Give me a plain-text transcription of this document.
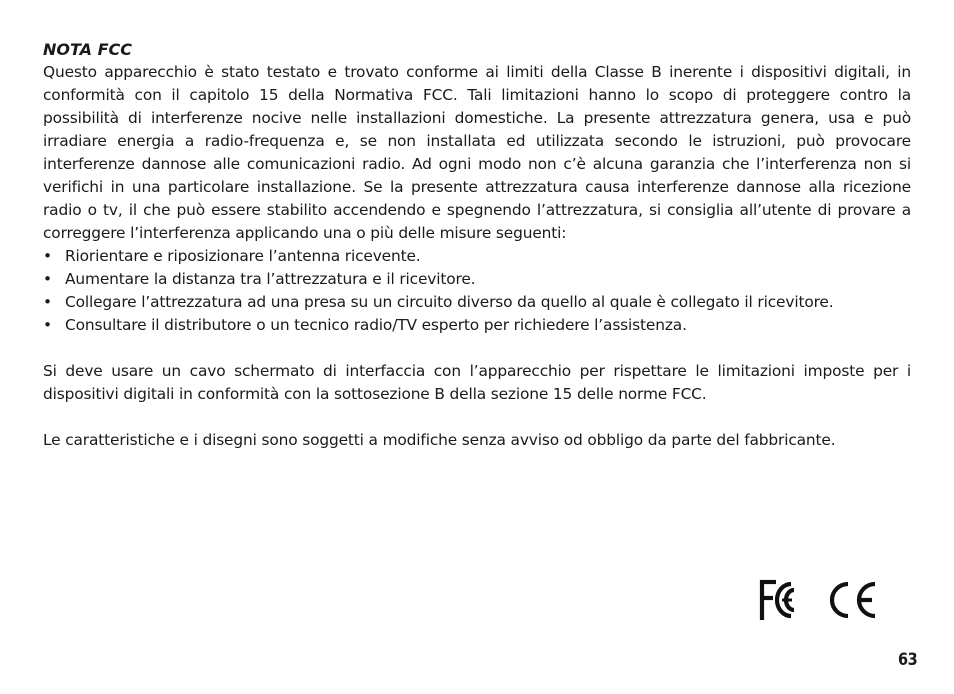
NOTA FCC

Questo apparecchio è stato testato e trovato conforme ai limiti della Classe B inerente i dispositivi digitali, in conformità con il capitolo 15 della Normativa FCC. Tali limitazioni hanno lo scopo di proteggere contro la possibilità di interferenze nocive nelle installazioni domestiche. La presente attrezzatura genera, usa e può irradiare energia a radio-frequenza e, se non installata ed utilizzata secondo le istruzioni, può provocare interferenze dannose alle comunicazioni radio. Ad ogni modo non c’è alcuna garanzia che l’interferenza non si verifichi in una particolare installazione. Se la presente attrezzatura causa interferenze dannose alla ricezione radio o tv, il che può essere stabilito accendendo e spegnendo l’attrezzatura, si consiglia all’utente di provare a correggere l’interferenza applicando una o più delle misure seguenti:

• Riorientare e riposizionare l’antenna ricevente.
• Aumentare la distanza tra l’attrezzatura e il ricevitore.
• Collegare l’attrezzatura ad una presa su un circuito diverso da quello al quale è collegato il ricevitore.
• Consultare il distributore o un tecnico radio/TV esperto per richiedere l’assistenza.

Si deve usare un cavo schermato di interfaccia con l’apparecchio per rispettare le limitazioni imposte per i dispositivi digitali in conformità con la sottosezione B della sezione 15 delle norme FCC.

Le caratteristiche e i disegni sono soggetti a modifiche senza avviso od obbligo da parte del fabbricante.

63
